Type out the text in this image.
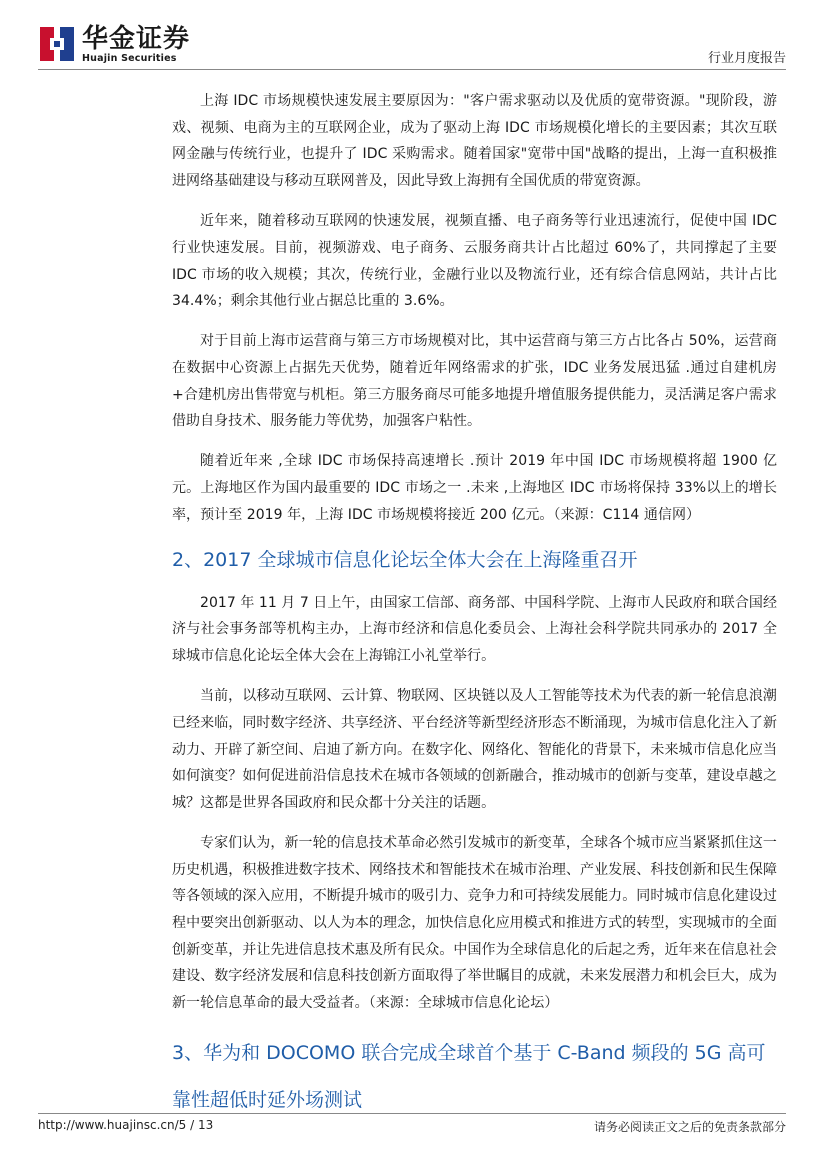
华金证券
Huajin Securities	行业月度报告

上海 IDC 市场规模快速发展主要原因为："客户需求驱动以及优质的宽带资源。"现阶段，游戏、视频、电商为主的互联网企业，成为了驱动上海 IDC 市场规模化增长的主要因素；其次互联网金融与传统行业，也提升了 IDC 采购需求。随着国家"宽带中国"战略的提出，上海一直积极推进网络基础建设与移动互联网普及，因此导致上海拥有全国优质的带宽资源。

近年来，随着移动互联网的快速发展，视频直播、电子商务等行业迅速流行，促使中国 IDC 行业快速发展。目前，视频游戏、电子商务、云服务商共计占比超过 60%了，共同撑起了主要 IDC 市场的收入规模；其次，传统行业，金融行业以及物流行业，还有综合信息网站，共计占比 34.4%；剩余其他行业占据总比重的 3.6%。

对于目前上海市运营商与第三方市场规模对比，其中运营商与第三方占比各占 50%，运营商在数据中心资源上占据先天优势，随着近年网络需求的扩张，IDC 业务发展迅猛 .通过自建机房+合建机房出售带宽与机柜。第三方服务商尽可能多地提升增值服务提供能力，灵活满足客户需求借助自身技术、服务能力等优势，加强客户粘性。

随着近年来 ,全球 IDC 市场保持高速增长 .预计 2019 年中国 IDC 市场规模将超 1900 亿元。上海地区作为国内最重要的 IDC 市场之一 .未来 ,上海地区 IDC 市场将保持 33%以上的增长率，预计至 2019 年，上海 IDC 市场规模将接近 200 亿元。（来源：C114 通信网）

2、2017 全球城市信息化论坛全体大会在上海隆重召开

2017 年 11 月 7 日上午，由国家工信部、商务部、中国科学院、上海市人民政府和联合国经济与社会事务部等机构主办，上海市经济和信息化委员会、上海社会科学院共同承办的 2017 全球城市信息化论坛全体大会在上海锦江小礼堂举行。

当前，以移动互联网、云计算、物联网、区块链以及人工智能等技术为代表的新一轮信息浪潮已经来临，同时数字经济、共享经济、平台经济等新型经济形态不断涌现，为城市信息化注入了新动力、开辟了新空间、启迪了新方向。在数字化、网络化、智能化的背景下，未来城市信息化应当如何演变？如何促进前沿信息技术在城市各领域的创新融合，推动城市的创新与变革，建设卓越之城？这都是世界各国政府和民众都十分关注的话题。

专家们认为，新一轮的信息技术革命必然引发城市的新变革，全球各个城市应当紧紧抓住这一历史机遇，积极推进数字技术、网络技术和智能技术在城市治理、产业发展、科技创新和民生保障等各领域的深入应用，不断提升城市的吸引力、竞争力和可持续发展能力。同时城市信息化建设过程中要突出创新驱动、以人为本的理念，加快信息化应用模式和推进方式的转型，实现城市的全面创新变革，并让先进信息技术惠及所有民众。中国作为全球信息化的后起之秀，近年来在信息社会建设、数字经济发展和信息科技创新方面取得了举世瞩目的成就，未来发展潜力和机会巨大，成为新一轮信息革命的最大受益者。（来源：全球城市信息化论坛）

3、华为和 DOCOMO 联合完成全球首个基于 C-Band 频段的 5G 高可靠性超低时延外场测试
http://www.huajinsc.cn/5 / 13	请务必阅读正文之后的免责条款部分
